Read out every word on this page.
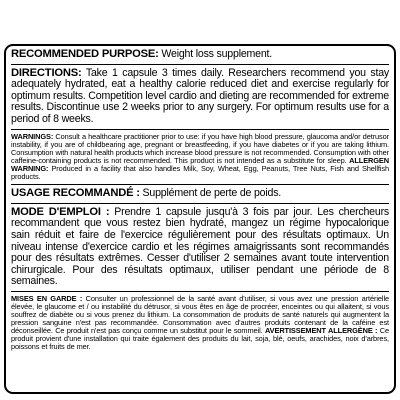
RECOMMENDED PURPOSE: Weight loss supplement.

DIRECTIONS: Take 1 capsule 3 times daily. Researchers recommend you stay adequately hydrated, eat a healthy calorie reduced diet and exercise regularly for optimum results. Competition level cardio and dieting are recommended for extreme results. Discontinue use 2 weeks prior to any surgery. For optimum results use for a period of 8 weeks.

WARNINGS: Consult a healthcare practitioner prior to use: if you have high blood pressure, glaucoma and/or detrusor instability, if you are of childbearing age, pregnant or breastfeeding, if you have diabetes or if you are taking lithium. Consumption with natural health products which increase blood pressure is not recommended. Consumption with other caffeine-containing products is not recommended. This product is not intended as a substitute for sleep. ALLERGEN WARNING: Produced in a facility that also handles Milk, Soy, Wheat, Egg, Peanuts, Tree Nuts, Fish and Shellfish products.

USAGE RECOMMANDÉ : Supplément de perte de poids.

MODE D'EMPLOI : Prendre 1 capsule jusqu'à 3 fois par jour. Les chercheurs recommandent que vous restez bien hydraté, mangez un régime hypocalorique sain réduit et faire de l'exercice régulièrement pour des résultats optimaux. Un niveau intense d'exercice cardio et les régimes amaigrissants sont recommandés pour des résultats extrêmes. Cesser d'utiliser 2 semaines avant toute intervention chirurgicale. Pour des résultats optimaux, utiliser pendant une période de 8 semaines.

MISES EN GARDE : Consulter un professionnel de la santé avant d'utiliser, si vous avez une pression artérielle élevée, le glaucome et / ou instabilité du détrusor, si vous êtes en âge de procréer, enceintes ou qui allaitent, si vous souffrez de diabète ou si vous prenez du lithium. La consommation de produits de santé naturels qui augmentent la pression sanguine n'est pas recommandée. Consommation avec d'autres produits contenant de la caféine est déconseillée. Ce produit n'est pas conçu comme un substitut pour le sommeil. AVERTISSEMENT ALLERGÈNE : Ce produit provient d'une installation qui traite également des produits du lait, soja, blé, oeufs, arachides, noix d'arbres, poissons et fruits de mer.
